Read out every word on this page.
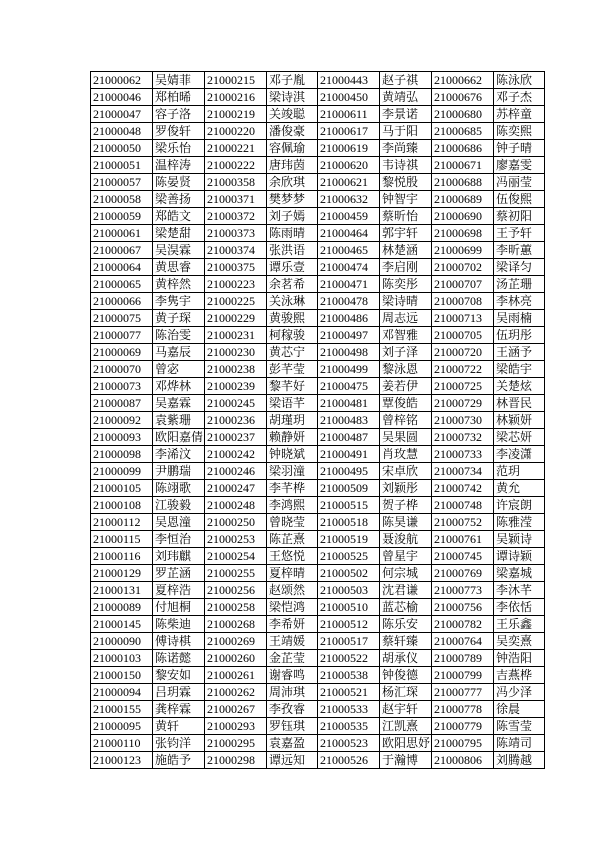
21000062	吴婧菲	21000215	邓子胤	21000443	赵子祺	21000662	陈泳欣
21000046	郑柏晞	21000216	梁诗淇	21000450	黄靖弘	21000676	邓子杰
21000047	容子洛	21000219	关竣聪	21000611	李景诺	21000680	苏梓童
21000048	罗俊轩	21000220	潘俊豪	21000617	马于阳	21000685	陈奕熙
21000050	梁乐怡	21000221	容佩瑜	21000619	李尚臻	21000686	钟子晴
21000051	温梓涛	21000222	唐玮茵	21000620	韦诗祺	21000671	廖嘉雯
21000057	陈晏贤	21000358	余欣琪	21000621	黎悦殷	21000688	冯丽莹
21000058	梁善扬	21000371	樊梦梦	21000632	钟智宇	21000689	伍俊熙
21000059	郑皓文	21000372	刘子嫣	21000459	蔡昕怡	21000690	蔡初阳
21000061	梁楚甜	21000373	陈雨晴	21000464	郭宇轩	21000698	王予轩
21000067	吴淏霖	21000374	张洪语	21000465	林楚涵	21000699	李昕蕙
21000064	黄思睿	21000375	谭乐壹	21000474	李启刚	21000702	梁译匀
21000065	黄梓然	21000223	余茗希	21000471	陈奕彤	21000707	汤芷珊
21000066	李隽宇	21000225	关泳琳	21000478	梁诗晴	21000708	李林亮
21000075	黄子琛	21000229	黄骏熙	21000486	周志远	21000713	吴雨楠
21000077	陈治雯	21000231	柯稼骏	21000497	邓智雅	21000705	伍玥彤
21000069	马嘉辰	21000230	黄芯宁	21000498	刘子泽	21000720	王涵予
21000070	曾宓	21000238	彭芊莹	21000499	黎泳恩	21000722	梁皓宇
21000073	邓烨林	21000239	黎芊好	21000475	姜若伊	21000725	关楚炫
21000087	吴嘉霖	21000245	梁语芊	21000481	覃俊皓	21000729	林晋民
21000092	袁紫珊	21000236	胡瑾玥	21000483	曾梓铭	21000730	林颖妍
21000093	欧阳嘉倩	21000237	赖静妍	21000487	吴果圆	21000732	梁芯妍
21000098	李浠汶	21000242	钟晓斌	21000491	肖玫慧	21000733	李凌潇
21000099	尹鹏瑞	21000246	梁羽潼	21000495	宋卓欣	21000734	范玥
21000105	陈翊歌	21000247	李芊桦	21000509	刘颖彤	21000742	黄允
21000108	江骏毅	21000248	李鸿熙	21000515	贺子桦	21000748	许宸朗
21000112	吴恩潼	21000250	曾晓莹	21000518	陈昊谦	21000752	陈雅滢
21000115	李恒治	21000253	陈芷熹	21000519	聂浚航	21000761	吴颖诗
21000116	刘玮麒	21000254	王悠悦	21000525	曾星宇	21000745	谭诗颖
21000129	罗芷涵	21000255	夏梓晴	21000502	何宗城	21000769	梁嘉城
21000131	夏梓浩	21000256	赵颂然	21000503	沈君谦	21000773	李沐芊
21000089	付旭桐	21000258	梁恺鸿	21000510	蓝芯榆	21000756	李依恬
21000145	陈柴迪	21000268	李希妍	21000512	陈乐安	21000782	王乐鑫
21000090	傅诗棋	21000269	王靖媛	21000517	蔡轩臻	21000764	吴奕熹
21000103	陈诺懿	21000260	金芷莹	21000522	胡承仪	21000789	钟浩阳
21000150	黎安如	21000261	谢睿鸣	21000538	钟俊德	21000799	吉燕桦
21000094	吕玥霖	21000262	周沛琪	21000521	杨汇琛	21000777	冯少泽
21000155	龚梓霖	21000267	李孜睿	21000533	赵宇轩	21000778	徐晨
21000095	黄轩	21000293	罗钰琪	21000535	江凯熹	21000779	陈雪莹
21000110	张钧洋	21000295	袁嘉盈	21000523	欧阳思妤	21000795	陈靖司
21000123	施皓予	21000298	谭远知	21000526	于瀚博	21000806	刘腾越
